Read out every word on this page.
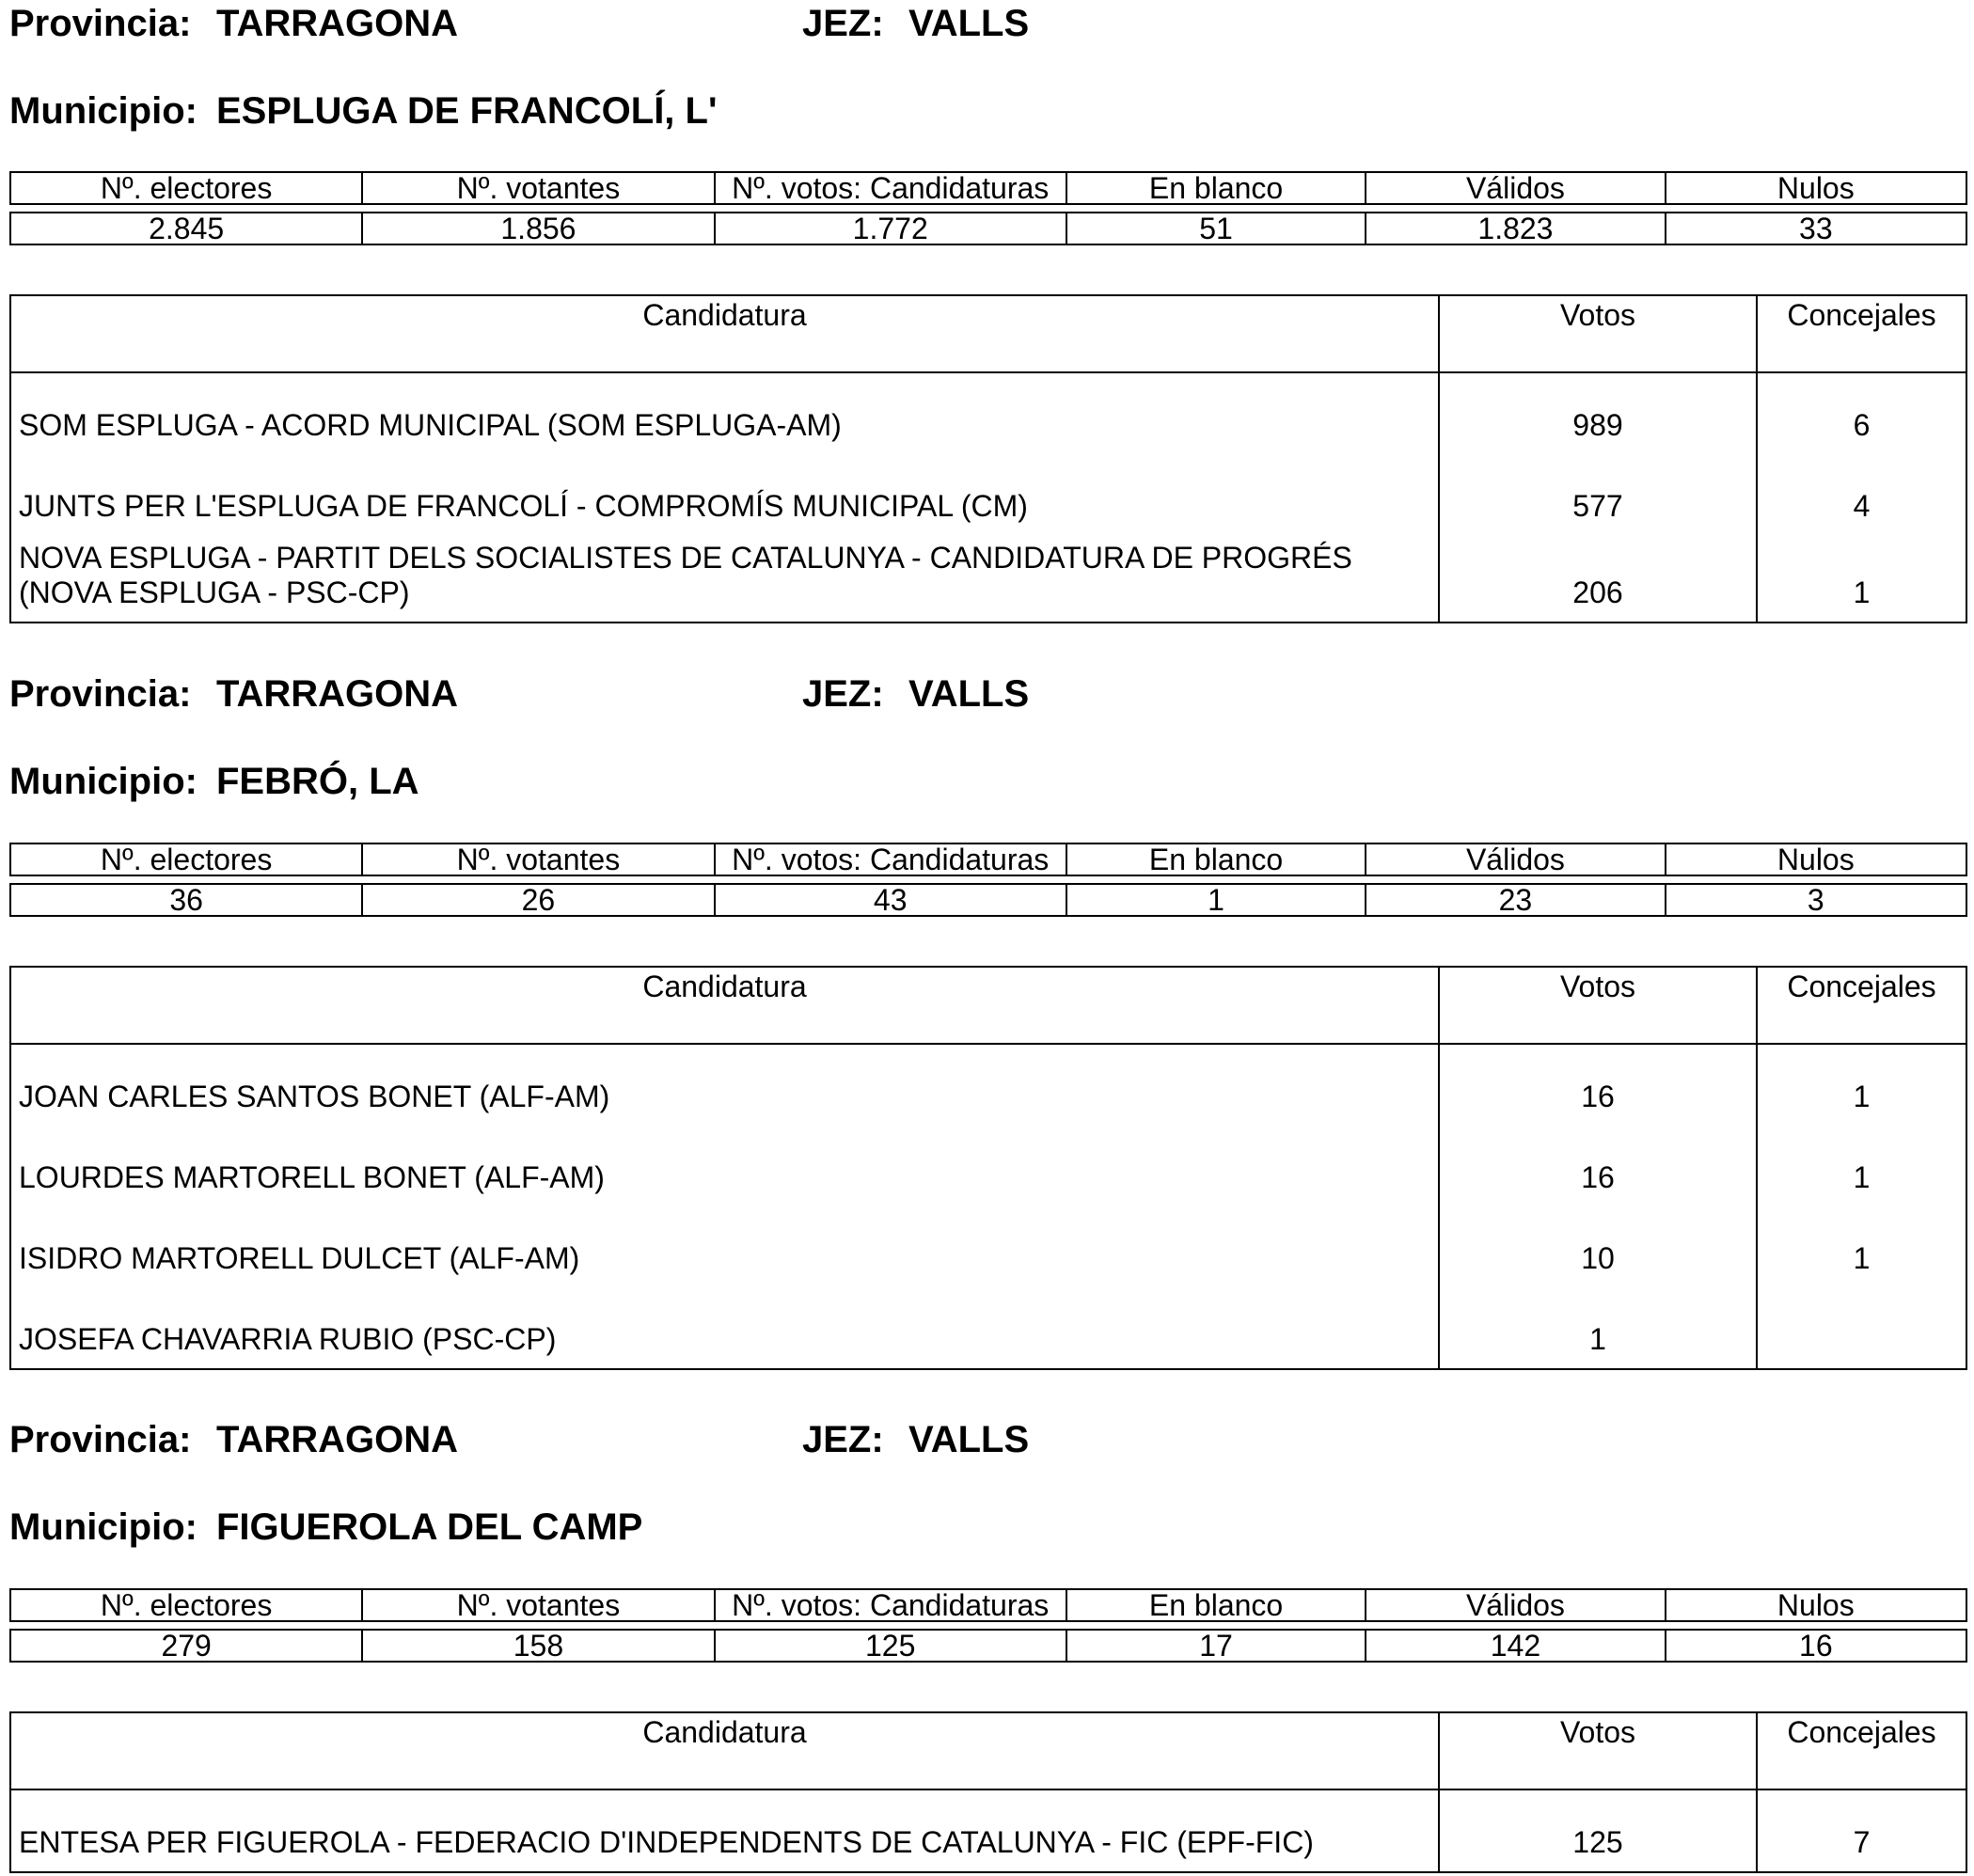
Provincia: TARRAGONA	JEZ: VALLS
Municipio: ESPLUGA DE FRANCOLÍ, L'
Nº. electores	Nº. votantes	Nº. votos: Candidaturas	En blanco	Válidos	Nulos
2.845	1.856	1.772	51	1.823	33
Candidatura	Votos	Concejales
SOM ESPLUGA - ACORD MUNICIPAL (SOM ESPLUGA-AM)	989	6
JUNTS PER L'ESPLUGA DE FRANCOLÍ - COMPROMÍS MUNICIPAL (CM)	577	4
NOVA ESPLUGA - PARTIT DELS SOCIALISTES DE CATALUNYA - CANDIDATURA DE PROGRÉS (NOVA ESPLUGA - PSC-CP)	206	1
Provincia: TARRAGONA	JEZ: VALLS
Municipio: FEBRÓ, LA
Nº. electores	Nº. votantes	Nº. votos: Candidaturas	En blanco	Válidos	Nulos
36	26	43	1	23	3
Candidatura	Votos	Concejales
JOAN CARLES SANTOS BONET (ALF-AM)	16	1
LOURDES MARTORELL BONET (ALF-AM)	16	1
ISIDRO MARTORELL DULCET (ALF-AM)	10	1
JOSEFA CHAVARRIA RUBIO (PSC-CP)	1
Provincia: TARRAGONA	JEZ: VALLS
Municipio: FIGUEROLA DEL CAMP
Nº. electores	Nº. votantes	Nº. votos: Candidaturas	En blanco	Válidos	Nulos
279	158	125	17	142	16
Candidatura	Votos	Concejales
ENTESA PER FIGUEROLA - FEDERACIO D'INDEPENDENTS DE CATALUNYA - FIC (EPF-FIC)	125	7
